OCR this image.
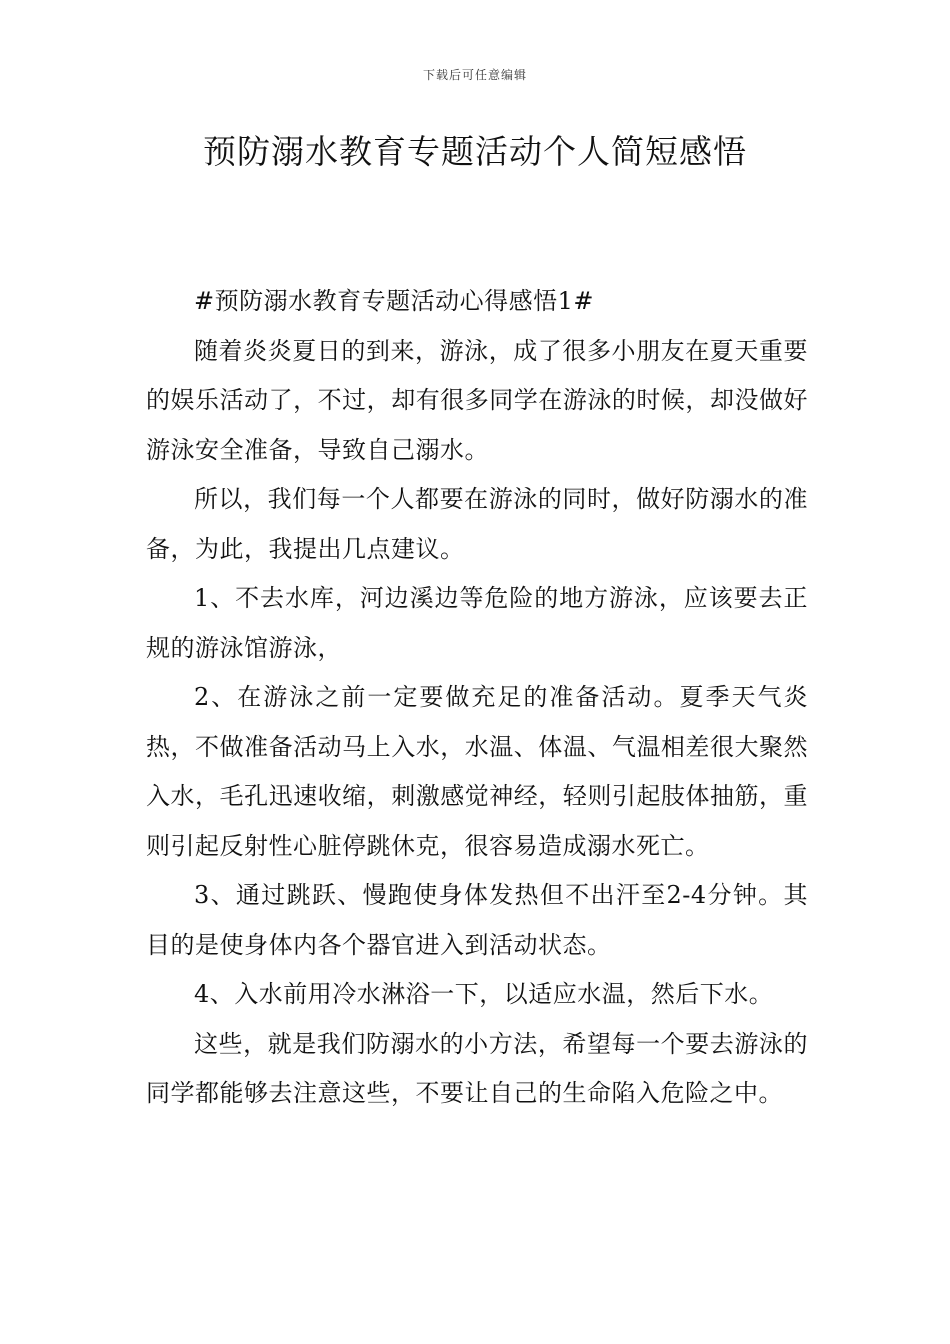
下载后可任意编辑
预防溺水教育专题活动个人简短感悟

#预防溺水教育专题活动心得感悟1#

随着炎炎夏日的到来，游泳，成了很多小朋友在夏天重要的娱乐活动了，不过，却有很多同学在游泳的时候，却没做好游泳安全准备，导致自己溺水。

所以，我们每一个人都要在游泳的同时，做好防溺水的准备，为此，我提出几点建议。

1、不去水库，河边溪边等危险的地方游泳，应该要去正规的游泳馆游泳，

2、在游泳之前一定要做充足的准备活动。夏季天气炎热，不做准备活动马上入水，水温、体温、气温相差很大聚然入水，毛孔迅速收缩，刺激感觉神经，轻则引起肢体抽筋，重则引起反射性心脏停跳休克，很容易造成溺水死亡。

3、通过跳跃、慢跑使身体发热但不出汗至2-4分钟。其目的是使身体内各个器官进入到活动状态。

4、入水前用冷水淋浴一下，以适应水温，然后下水。

这些，就是我们防溺水的小方法，希望每一个要去游泳的同学都能够去注意这些，不要让自己的生命陷入危险之中。
